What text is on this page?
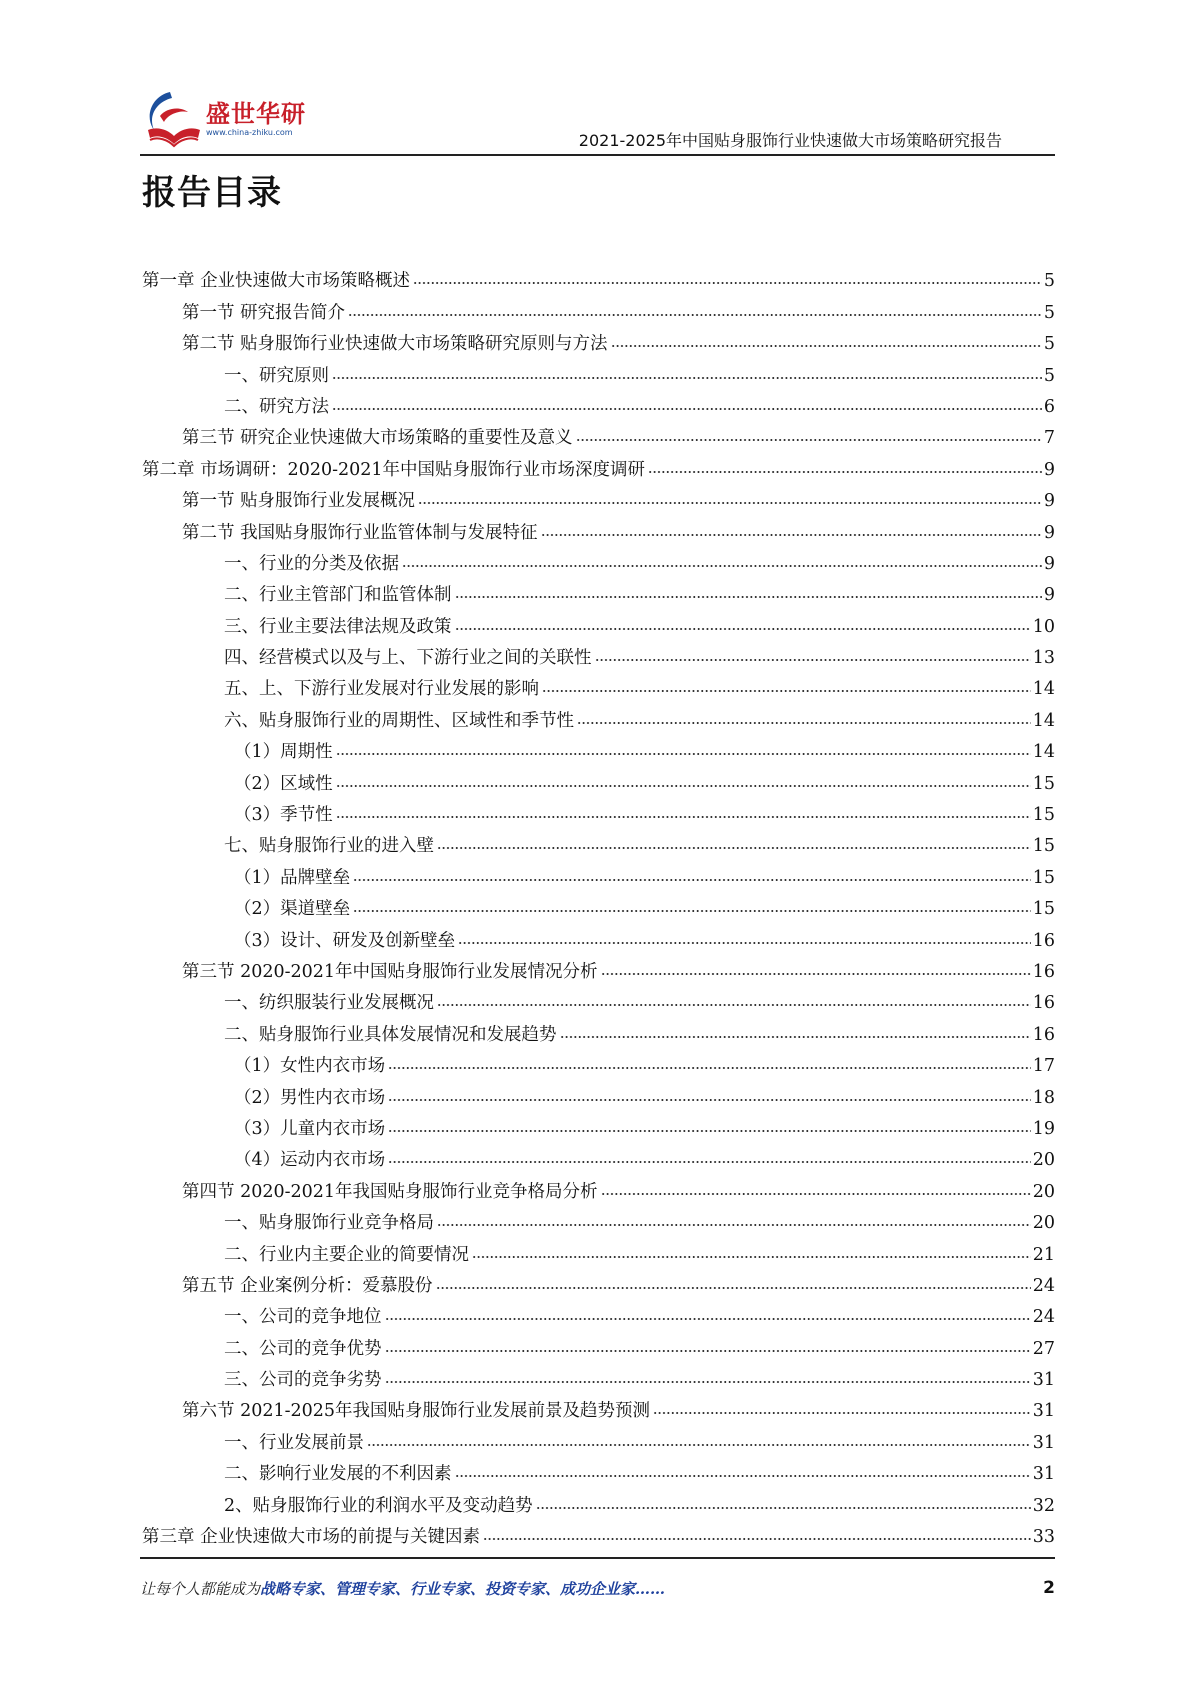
盛世华研
www.china-zhiku.com	2021-2025年中国贴身服饰行业快速做大市场策略研究报告
报告目录
第一章 企业快速做大市场策略概述	5
第一节 研究报告简介	5
第二节 贴身服饰行业快速做大市场策略研究原则与方法	5
一、研究原则	5
二、研究方法	6
第三节 研究企业快速做大市场策略的重要性及意义	7
第二章 市场调研：2020-2021年中国贴身服饰行业市场深度调研	9
第一节 贴身服饰行业发展概况	9
第二节 我国贴身服饰行业监管体制与发展特征	9
一、行业的分类及依据	9
二、行业主管部门和监管体制	9
三、行业主要法律法规及政策	10
四、经营模式以及与上、下游行业之间的关联性	13
五、上、下游行业发展对行业发展的影响	14
六、贴身服饰行业的周期性、区域性和季节性	14
（1）周期性	14
（2）区域性	15
（3）季节性	15
七、贴身服饰行业的进入壁	15
（1）品牌壁垒	15
（2）渠道壁垒	15
（3）设计、研发及创新壁垒	16
第三节 2020-2021年中国贴身服饰行业发展情况分析	16
一、纺织服装行业发展概况	16
二、贴身服饰行业具体发展情况和发展趋势	16
（1）女性内衣市场	17
（2）男性内衣市场	18
（3）儿童内衣市场	19
（4）运动内衣市场	20
第四节 2020-2021年我国贴身服饰行业竞争格局分析	20
一、贴身服饰行业竞争格局	20
二、行业内主要企业的简要情况	21
第五节 企业案例分析：爱慕股份	24
一、公司的竞争地位	24
二、公司的竞争优势	27
三、公司的竞争劣势	31
第六节 2021-2025年我国贴身服饰行业发展前景及趋势预测	31
一、行业发展前景	31
二、影响行业发展的不利因素	31
2、贴身服饰行业的利润水平及变动趋势	32
第三章 企业快速做大市场的前提与关键因素	33
让每个人都能成为战略专家、管理专家、行业专家、投资专家、成功企业家……	2
